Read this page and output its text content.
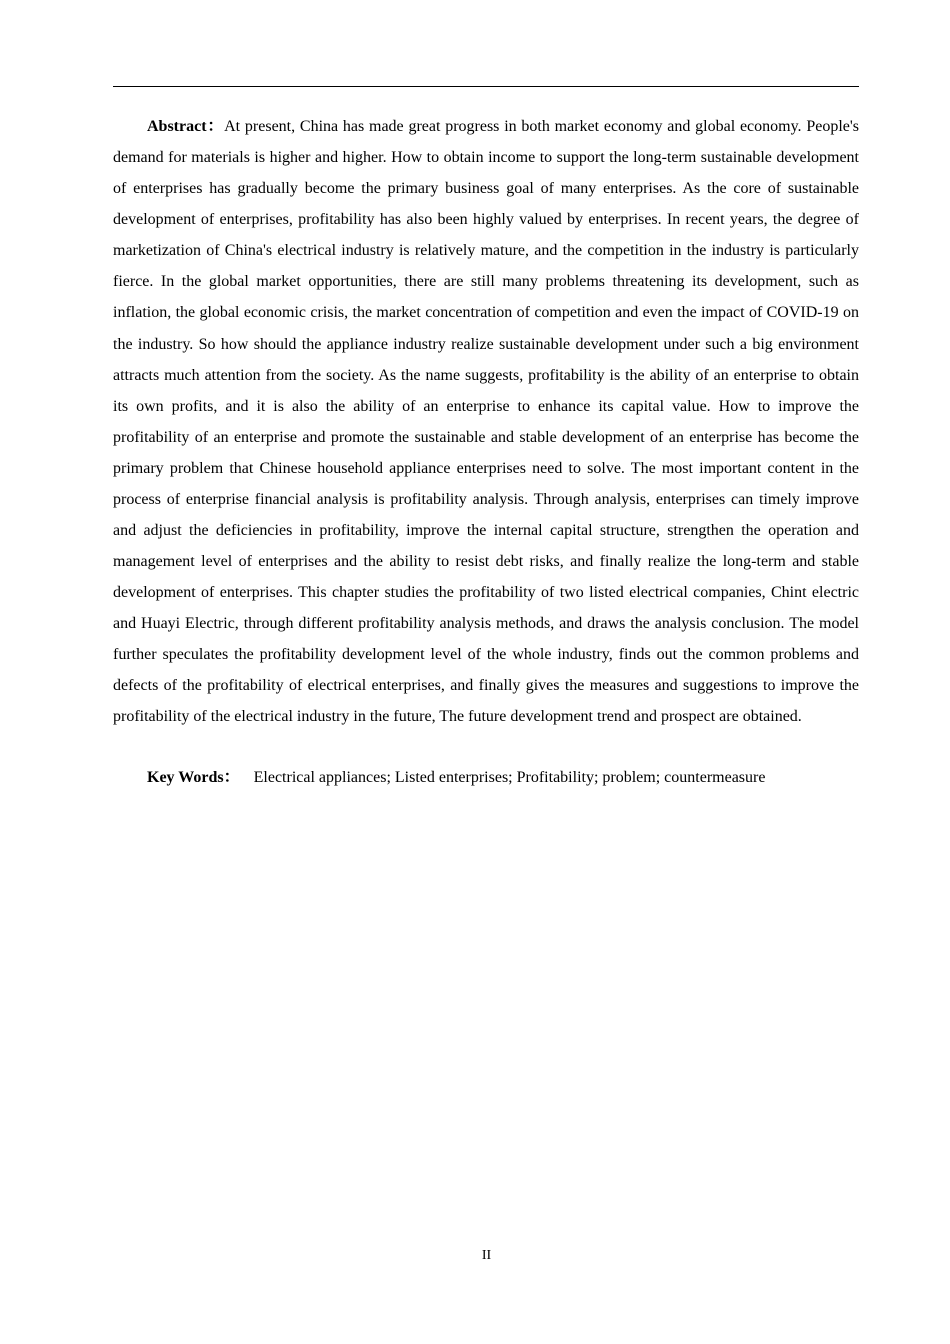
Abstract：At present, China has made great progress in both market economy and global economy. People's demand for materials is higher and higher. How to obtain income to support the long-term sustainable development of enterprises has gradually become the primary business goal of many enterprises. As the core of sustainable development of enterprises, profitability has also been highly valued by enterprises. In recent years, the degree of marketization of China's electrical industry is relatively mature, and the competition in the industry is particularly fierce. In the global market opportunities, there are still many problems threatening its development, such as inflation, the global economic crisis, the market concentration of competition and even the impact of COVID-19 on the industry. So how should the appliance industry realize sustainable development under such a big environment attracts much attention from the society. As the name suggests, profitability is the ability of an enterprise to obtain its own profits, and it is also the ability of an enterprise to enhance its capital value. How to improve the profitability of an enterprise and promote the sustainable and stable development of an enterprise has become the primary problem that Chinese household appliance enterprises need to solve. The most important content in the process of enterprise financial analysis is profitability analysis. Through analysis, enterprises can timely improve and adjust the deficiencies in profitability, improve the internal capital structure, strengthen the operation and management level of enterprises and the ability to resist debt risks, and finally realize the long-term and stable development of enterprises. This chapter studies the profitability of two listed electrical companies, Chint electric and Huayi Electric, through different profitability analysis methods, and draws the analysis conclusion. The model further speculates the profitability development level of the whole industry, finds out the common problems and defects of the profitability of electrical enterprises, and finally gives the measures and suggestions to improve the profitability of the electrical industry in the future, The future development trend and prospect are obtained.

Key Words： Electrical appliances; Listed enterprises; Profitability; problem; countermeasure

II
